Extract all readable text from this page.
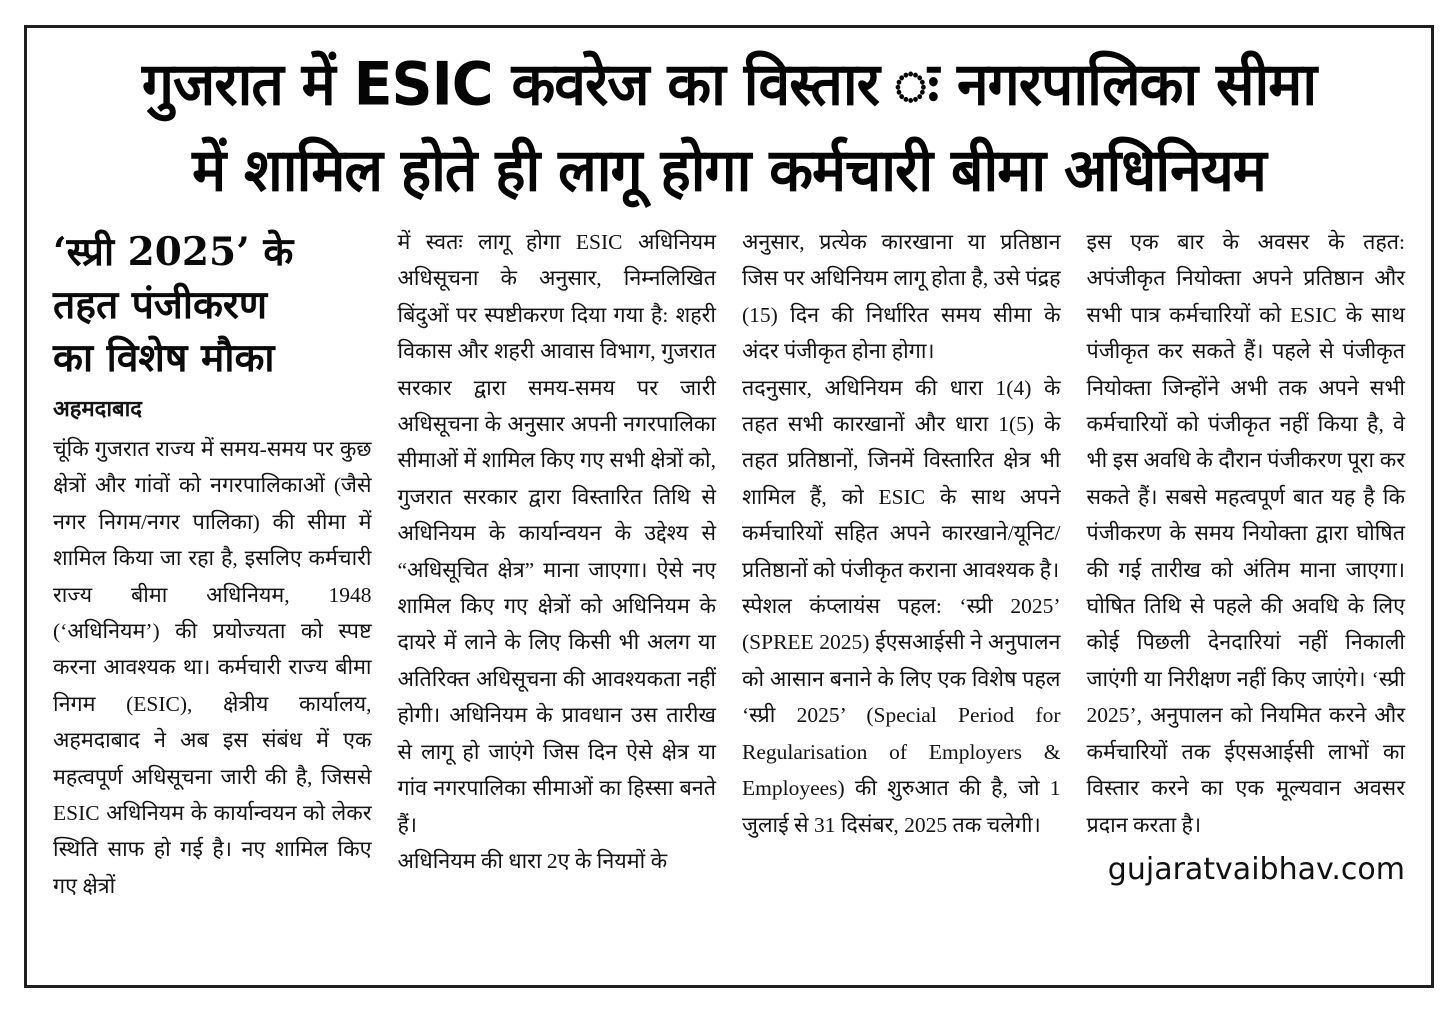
गुजरात में ESIC कवरेज का विस्तार ः नगरपालिका सीमा
में शामिल होते ही लागू होगा कर्मचारी बीमा अधिनियम
‘स्प्री 2025’ के
तहत पंजीकरण
का विशेष मौका
अहमदाबाद

चूंकि गुजरात राज्य में समय-समय पर कुछ क्षेत्रों और गांवों को नगरपालिकाओं (जैसे नगर निगम/नगर पालिका) की सीमा में शामिल किया जा रहा है, इसलिए कर्मचारी राज्य बीमा अधिनियम, 1948 (‘अधिनियम’) की प्रयोज्यता को स्पष्ट करना आवश्यक था। कर्मचारी राज्य बीमा निगम (ESIC), क्षेत्रीय कार्यालय, अहमदाबाद ने अब इस संबंध में एक महत्वपूर्ण अधिसूचना जारी की है, जिससे ESIC अधिनियम के कार्यान्वयन को लेकर स्थिति साफ हो गई है। नए शामिल किए गए क्षेत्रों

में स्वतः लागू होगा ESIC अधिनियम अधिसूचना के अनुसार, निम्नलिखित बिंदुओं पर स्पष्टीकरण दिया गया है: शहरी विकास और शहरी आवास विभाग, गुजरात सरकार द्वारा समय-समय पर जारी अधिसूचना के अनुसार अपनी नगरपालिका सीमाओं में शामिल किए गए सभी क्षेत्रों को, गुजरात सरकार द्वारा विस्तारित तिथि से अधिनियम के कार्यान्वयन के उद्देश्य से “अधिसूचित क्षेत्र” माना जाएगा। ऐसे नए शामिल किए गए क्षेत्रों को अधिनियम के दायरे में लाने के लिए किसी भी अलग या अतिरिक्त अधिसूचना की आवश्यकता नहीं होगी। अधिनियम के प्रावधान उस तारीख से लागू हो जाएंगे जिस दिन ऐसे क्षेत्र या गांव नगरपालिका सीमाओं का हिस्सा बनते हैं।

अधिनियम की धारा 2ए के नियमों के

अनुसार, प्रत्येक कारखाना या प्रतिष्ठान जिस पर अधिनियम लागू होता है, उसे पंद्रह (15) दिन की निर्धारित समय सीमा के अंदर पंजीकृत होना होगा।

तदनुसार, अधिनियम की धारा 1(4) के तहत सभी कारखानों और धारा 1(5) के तहत प्रतिष्ठानों, जिनमें विस्तारित क्षेत्र भी शामिल हैं, को ESIC के साथ अपने कर्मचारियों सहित अपने कारखाने/यूनिट/प्रतिष्ठानों को पंजीकृत कराना आवश्यक है।

स्पेशल कंप्लायंस पहल: ‘स्प्री 2025’ (SPREE 2025) ईएसआईसी ने अनुपालन को आसान बनाने के लिए एक विशेष पहल ‘स्प्री 2025’ (Special Period for Regularisation of Employers & Employees) की शुरुआत की है, जो 1 जुलाई से 31 दिसंबर, 2025 तक चलेगी।

इस एक बार के अवसर के तहत: अपंजीकृत नियोक्ता अपने प्रतिष्ठान और सभी पात्र कर्मचारियों को ESIC के साथ पंजीकृत कर सकते हैं। पहले से पंजीकृत नियोक्ता जिन्होंने अभी तक अपने सभी कर्मचारियों को पंजीकृत नहीं किया है, वे भी इस अवधि के दौरान पंजीकरण पूरा कर सकते हैं। सबसे महत्वपूर्ण बात यह है कि पंजीकरण के समय नियोक्ता द्वारा घोषित की गई तारीख को अंतिम माना जाएगा। घोषित तिथि से पहले की अवधि के लिए कोई पिछली देनदारियां नहीं निकाली जाएंगी या निरीक्षण नहीं किए जाएंगे। ‘स्प्री 2025’, अनुपालन को नियमित करने और कर्मचारियों तक ईएसआईसी लाभों का विस्तार करने का एक मूल्यवान अवसर प्रदान करता है।

gujaratvaibhav.com
